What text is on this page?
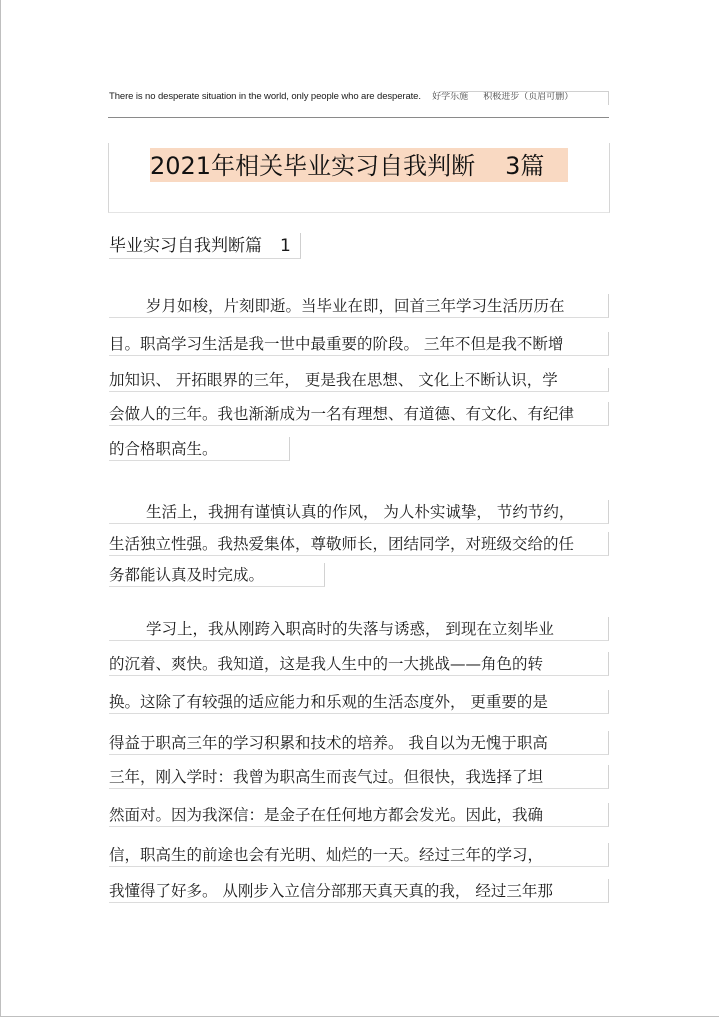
There is no desperate situation in the world, only people who are desperate. 好学乐施 积极进步（页眉可删）
2021年相关毕业实习自我判断 3篇
毕业实习自我判断篇 1
岁月如梭，片刻即逝。当毕业在即，回首三年学习生活历历在
目。职高学习生活是我一世中最重要的阶段。 三年不但是我不断增
加知识、 开拓眼界的三年， 更是我在思想、 文化上不断认识，学
会做人的三年。我也渐渐成为一名有理想、有道德、有文化、有纪律
的合格职高生。
生活上，我拥有谨慎认真的作风， 为人朴实诚挚， 节约节约，
生活独立性强。我热爱集体，尊敬师长，团结同学，对班级交给的任
务都能认真及时完成。
学习上，我从刚跨入职高时的失落与诱惑， 到现在立刻毕业
的沉着、爽快。我知道，这是我人生中的一大挑战——角色的转
换。这除了有较强的适应能力和乐观的生活态度外， 更重要的是
得益于职高三年的学习积累和技术的培养。 我自以为无愧于职高
三年，刚入学时：我曾为职高生而丧气过。但很快，我选择了坦
然面对。因为我深信：是金子在任何地方都会发光。因此，我确
信，职高生的前途也会有光明、灿烂的一天。经过三年的学习，
我懂得了好多。 从刚步入立信分部那天真天真的我， 经过三年那
